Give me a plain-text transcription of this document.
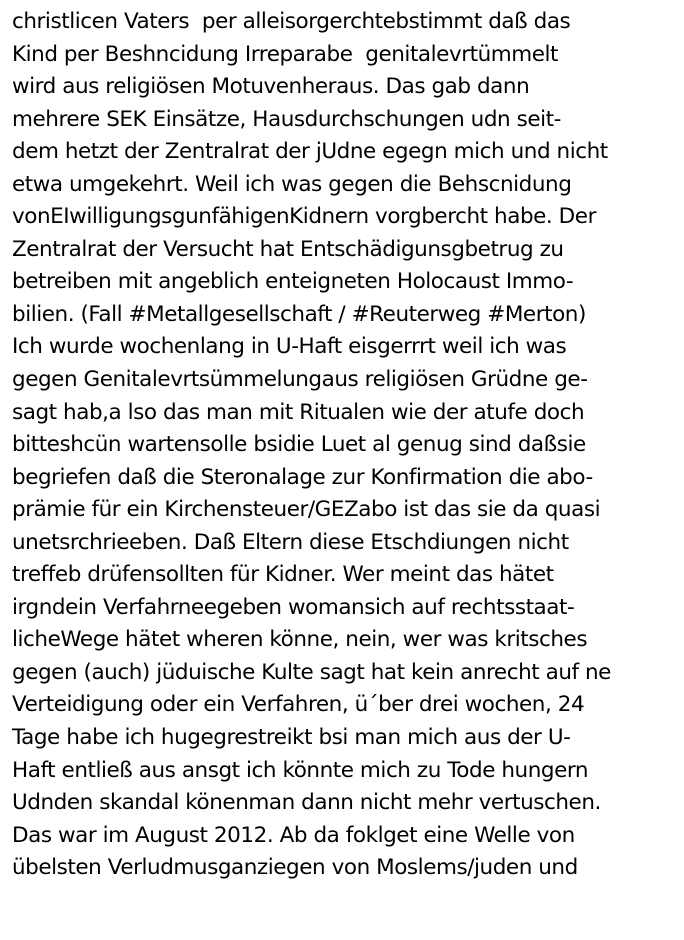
christlicen Vaters  per alleisorgerchtebstimmt daß das
Kind per Beshncidung Irreparabe  genitalevrtümmelt
wird aus religiösen Motuvenheraus. Das gab dann
mehrere SEK Einsätze, Hausdurchschungen udn seit-
dem hetzt der Zentralrat der jUdne egegn mich und nicht
etwa umgekehrt. Weil ich was gegen die Behscnidung
vonEIwilligungsgunfähigenKidnern vorgbercht habe. Der
Zentralrat der Versucht hat Entschädigunsgbetrug zu
betreiben mit angeblich enteigneten Holocaust Immo-
bilien. (Fall #Metallgesellschaft / #Reuterweg #Merton)
Ich wurde wochenlang in U-Haft eisgerrrt weil ich was
gegen Genitalevrtsümmelungaus religiösen Grüdne ge-
sagt hab,a lso das man mit Ritualen wie der atufe doch
bitteshcün wartensolle bsidie Luet al genug sind daßsie
begriefen daß die Steronalage zur Konfirmation die abo-
prämie für ein Kirchensteuer/GEZabo ist das sie da quasi
unetsrchrieeben. Daß Eltern diese Etschdiungen nicht
treffeb drüfensollten für Kidner. Wer meint das hätet
irgndein Verfahrneegeben womansich auf rechtsstaat-
licheWege hätet wheren könne, nein, wer was kritsches
gegen (auch) jüduische Kulte sagt hat kein anrecht auf ne
Verteidigung oder ein Verfahren, ü´ber drei wochen, 24
Tage habe ich hugegrestreikt bsi man mich aus der U-
Haft entließ aus ansgt ich könnte mich zu Tode hungern
Udnden skandal könenman dann nicht mehr vertuschen.
Das war im August 2012. Ab da foklget eine Welle von
übelsten Verludmusganziegen von Moslems/juden und
